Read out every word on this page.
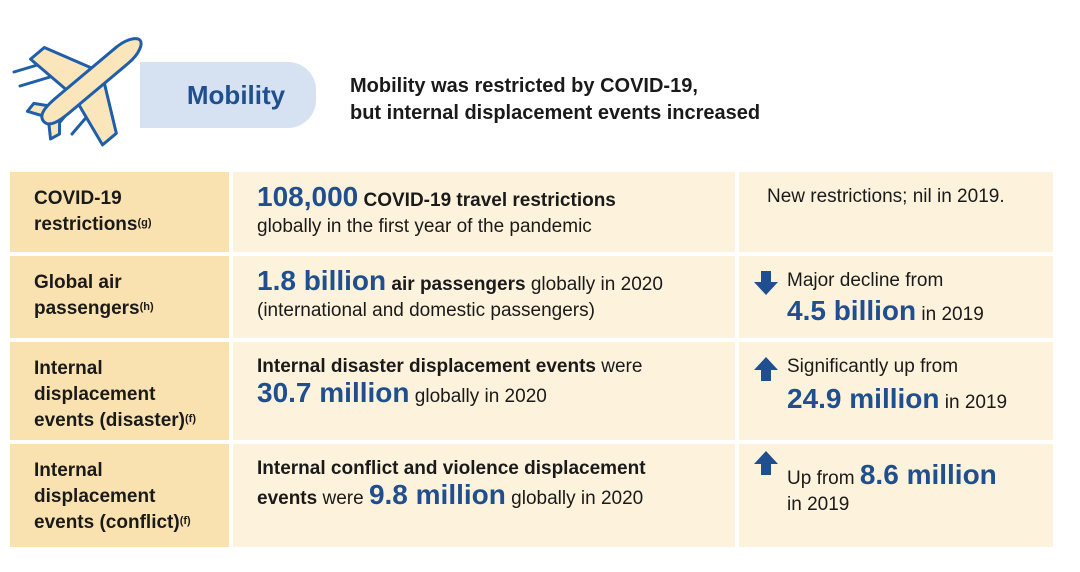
Mobility	Mobility was restricted by COVID-19,
but internal displacement events increased
COVID-19
restrictions$^{(g)}$
108,000 COVID-19 travel restrictions
globally in the first year of the pandemic
New restrictions; nil in 2019.
Global air
passengers$^{(h)}$
1.8 billion air passengers globally in 2020
(international and domestic passengers)
Major decline from
4.5 billion in 2019
Internal
displacement
events (disaster)$^{(f)}$
Internal disaster displacement events were
30.7 million globally in 2020
Significantly up from
24.9 million in 2019
Internal
displacement
events (conflict)$^{(f)}$
Internal conflict and violence displacement
events were 9.8 million globally in 2020
Up from 8.6 million
in 2019
